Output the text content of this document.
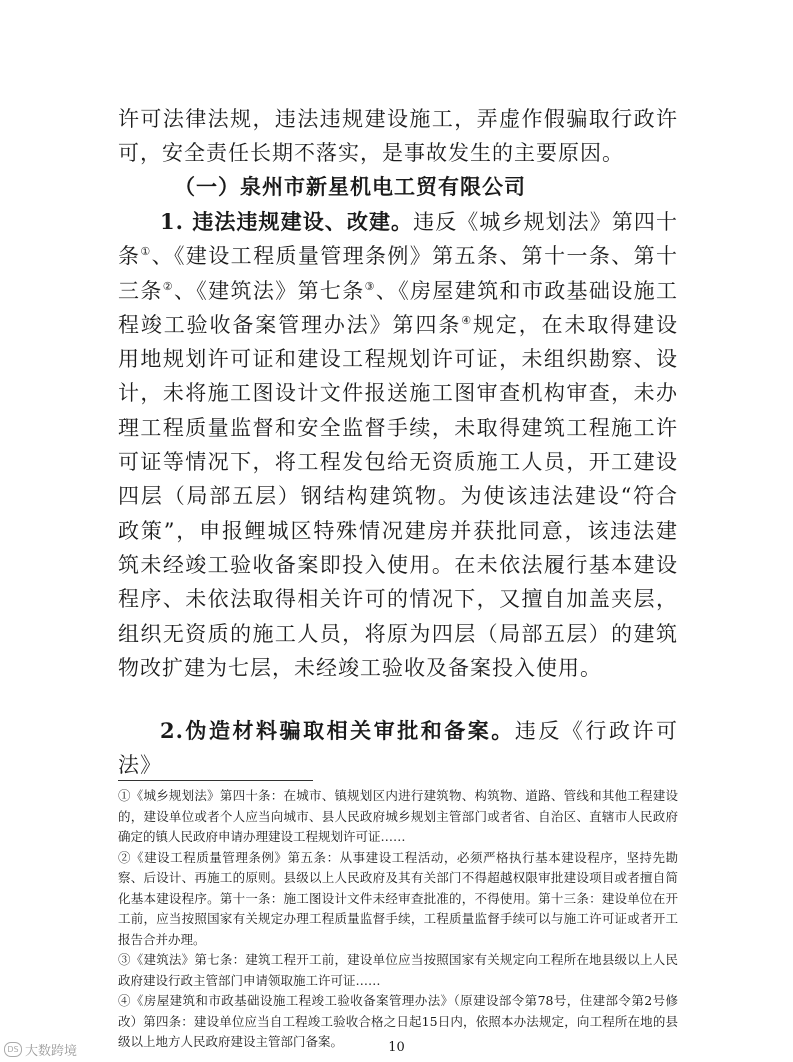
许可法律法规，违法违规建设施工，弄虚作假骗取行政许可，安全责任长期不落实，是事故发生的主要原因。

（一）泉州市新星机电工贸有限公司

1. 违法违规建设、改建。违反《城乡规划法》第四十条①、《建设工程质量管理条例》第五条、第十一条、第十三条②、《建筑法》第七条③、《房屋建筑和市政基础设施工程竣工验收备案管理办法》第四条④规定，在未取得建设用地规划许可证和建设工程规划许可证，未组织勘察、设计，未将施工图设计文件报送施工图审查机构审查，未办理工程质量监督和安全监督手续，未取得建筑工程施工许可证等情况下，将工程发包给无资质施工人员，开工建设四层（局部五层）钢结构建筑物。为使该违法建设“符合政策”，申报鲤城区特殊情况建房并获批同意，该违法建筑未经竣工验收备案即投入使用。在未依法履行基本建设程序、未依法取得相关许可的情况下，又擅自加盖夹层，组织无资质的施工人员，将原为四层（局部五层）的建筑物改扩建为七层，未经竣工验收及备案投入使用。

2.伪造材料骗取相关审批和备案。违反《行政许可法》

①《城乡规划法》第四十条：在城市、镇规划区内进行建筑物、构筑物、道路、管线和其他工程建设的，建设单位或者个人应当向城市、县人民政府城乡规划主管部门或者省、自治区、直辖市人民政府确定的镇人民政府申请办理建设工程规划许可证……

②《建设工程质量管理条例》第五条：从事建设工程活动，必须严格执行基本建设程序，坚持先勘察、后设计、再施工的原则。县级以上人民政府及其有关部门不得超越权限审批建设项目或者擅自简化基本建设程序。第十一条：施工图设计文件未经审查批准的，不得使用。第十三条：建设单位在开工前，应当按照国家有关规定办理工程质量监督手续，工程质量监督手续可以与施工许可证或者开工报告合并办理。

③《建筑法》第七条：建筑工程开工前，建设单位应当按照国家有关规定向工程所在地县级以上人民政府建设行政主管部门申请领取施工许可证……

④《房屋建筑和市政基础设施工程竣工验收备案管理办法》（原建设部令第78号，住建部令第2号修改）第四条：建设单位应当自工程竣工验收合格之日起15日内，依照本办法规定，向工程所在地的县级以上地方人民政府建设主管部门备案。

DS 大数跨境	10
